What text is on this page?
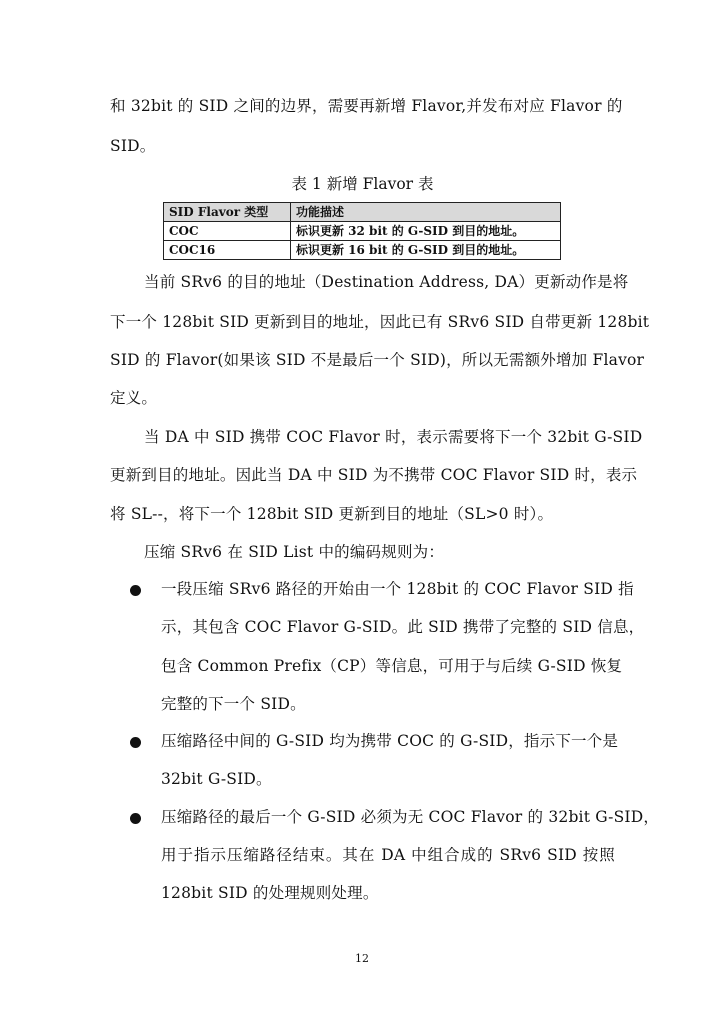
和 32bit 的 SID 之间的边界，需要再新增 Flavor,并发布对应 Flavor 的
SID。
表 1 新增 Flavor 表
SID Flavor 类型	功能描述
COC	标识更新 32 bit 的 G-SID 到目的地址。
COC16	标识更新 16 bit 的 G-SID 到目的地址。
当前 SRv6 的目的地址（Destination Address, DA）更新动作是将
下一个 128bit SID 更新到目的地址，因此已有 SRv6 SID 自带更新 128bit
SID 的 Flavor(如果该 SID 不是最后一个 SID)，所以无需额外增加 Flavor
定义。
当 DA 中 SID 携带 COC Flavor 时，表示需要将下一个 32bit G-SID
更新到目的地址。因此当 DA 中 SID 为不携带 COC Flavor SID 时，表示
将 SL--，将下一个 128bit SID 更新到目的地址（SL>0 时）。
压缩 SRv6 在 SID List 中的编码规则为：
一段压缩 SRv6 路径的开始由一个 128bit 的 COC Flavor SID 指
示，其包含 COC Flavor G-SID。此 SID 携带了完整的 SID 信息，
包含 Common Prefix（CP）等信息，可用于与后续 G-SID 恢复
完整的下一个 SID。
压缩路径中间的 G-SID 均为携带 COC 的 G-SID，指示下一个是
32bit G-SID。
压缩路径的最后一个 G-SID 必须为无 COC Flavor 的 32bit G-SID，
用于指示压缩路径结束。其在 DA 中组合成的 SRv6 SID 按照
128bit SID 的处理规则处理。
12
